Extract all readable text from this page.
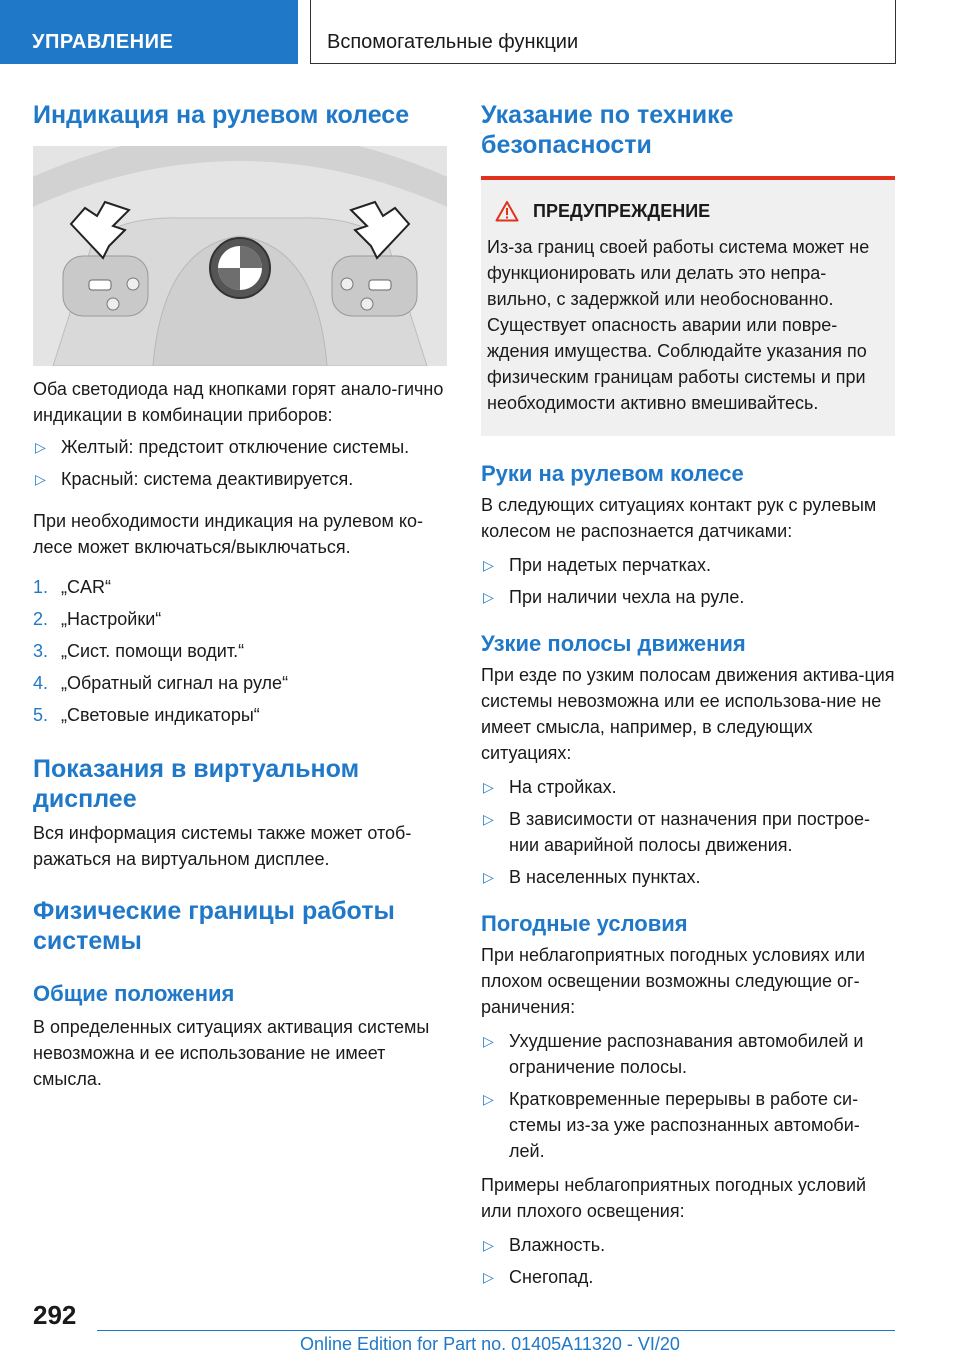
УПРАВЛЕНИЕ	Вспомогательные функции
Индикация на рулевом колесе

Оба светодиода над кнопками горят анало-гично индикации в комбинации приборов:

▷ Желтый: предстоит отключение системы.
▷ Красный: система деактивируется.

При необходимости индикация на рулевом ко-лесе может включаться/выключаться.

1. „CAR“
2. „Настройки“
3. „Сист. помощи водит.“
4. „Обратный сигнал на руле“
5. „Световые индикаторы“
Показания в виртуальном дисплее

Вся информация системы также может отоб-ражаться на виртуальном дисплее.

Физические границы работы системы
Общие положения

В определенных ситуациях активация системы невозможна и ее использование не имеет смысла.

Указание по технике безопасности
ПРЕДУПРЕЖДЕНИЕ

Из-за границ своей работы система может не функционировать или делать это непра-вильно, с задержкой или необоснованно. Существует опасность аварии или повре-ждения имущества. Соблюдайте указания по физическим границам работы системы и при необходимости активно вмешивайтесь.

Руки на рулевом колесе

В следующих ситуациях контакт рук с рулевым колесом не распознается датчиками:

▷ При надетых перчатках.
▷ При наличии чехла на руле.
Узкие полосы движения

При езде по узким полосам движения актива-ция системы невозможна или ее использова-ние не имеет смысла, например, в следующих ситуациях:

▷ На стройках.
▷ В зависимости от назначения при построе-нии аварийной полосы движения.
▷ В населенных пунктах.
Погодные условия

При неблагоприятных погодных условиях или плохом освещении возможны следующие ог-раничения:

▷ Ухудшение распознавания автомобилей и ограничение полосы.
▷ Кратковременные перерывы в работе си-стемы из-за уже распознанных автомоби-лей.

Примеры неблагоприятных погодных условий или плохого освещения:

▷ Влажность.
▷ Снегопад.
292
Online Edition for Part no. 01405A11320 - VI/20
